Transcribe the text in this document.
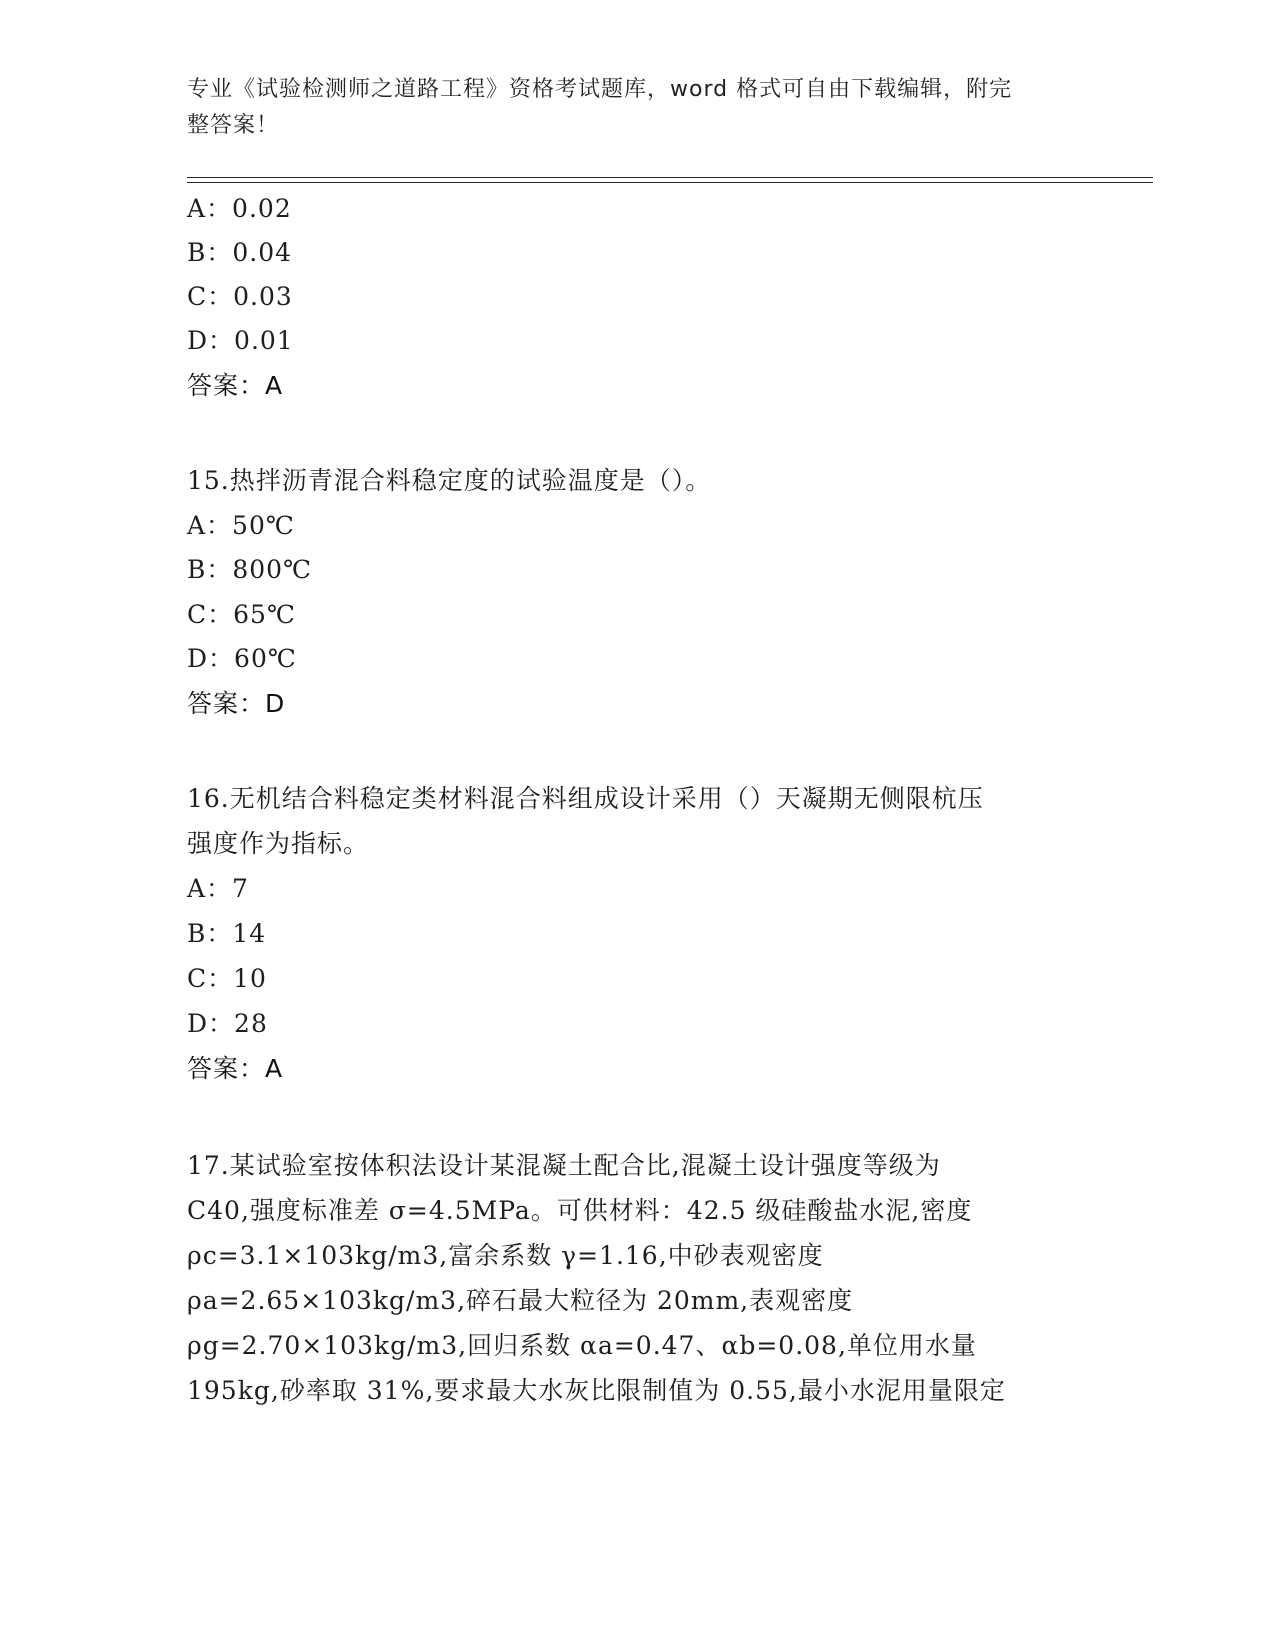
专业《试验检测师之道路工程》资格考试题库，word 格式可自由下载编辑，附完
整答案！
A：0.02
B：0.04
C：0.03
D：0.01
答案：A
15.热拌沥青混合料稳定度的试验温度是（）。
A：50℃
B：800℃
C：65℃
D：60℃
答案：D
16.无机结合料稳定类材料混合料组成设计采用（）天凝期无侧限杭压
强度作为指标。
A：7
B：14
C：10
D：28
答案：A
17.某试验室按体积法设计某混凝土配合比,混凝土设计强度等级为
C40,强度标准差 σ=4.5MPa。可供材料：42.5 级硅酸盐水泥,密度
ρc=3.1×103kg/m3,富余系数 γ=1.16,中砂表观密度
ρa=2.65×103kg/m3,碎石最大粒径为 20mm,表观密度
ρg=2.70×103kg/m3,回归系数 αa=0.47、αb=0.08,单位用水量
195kg,砂率取 31%,要求最大水灰比限制值为 0.55,最小水泥用量限定
